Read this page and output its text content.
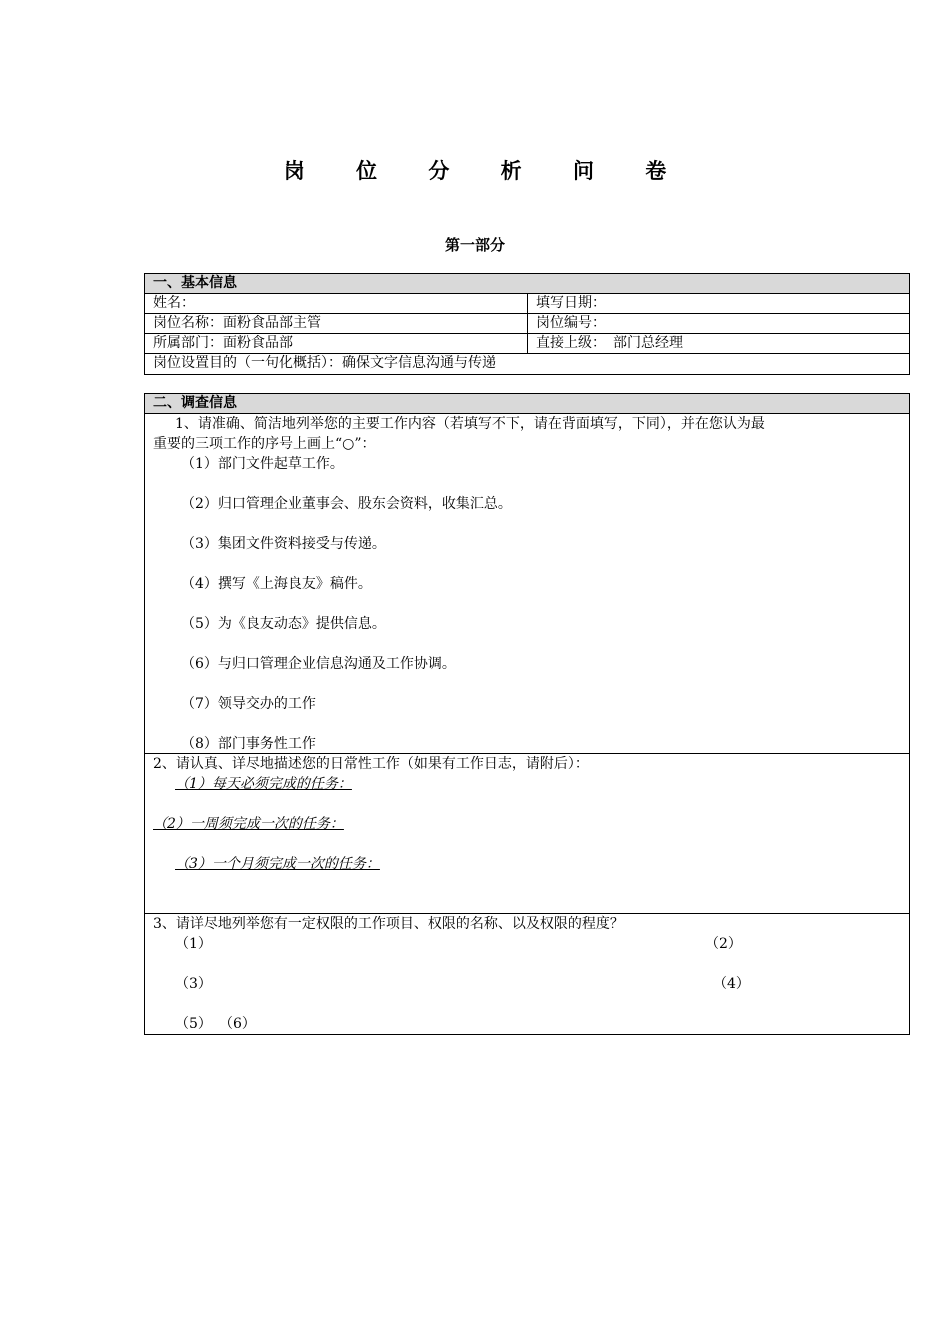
岗 位 分 析 问 卷
第一部分
一、基本信息
姓名：	填写日期：
岗位名称：面粉食品部主管	岗位编号：
所属部门：面粉食品部	直接上级：　部门总经理
岗位设置目的（一句化概括）：确保文字信息沟通与传递
二、调查信息
1、请准确、简洁地列举您的主要工作内容（若填写不下，请在背面填写，下同），并在您认为最
重要的三项工作的序号上画上“○”：
（1）部门文件起草工作。
（2）归口管理企业董事会、股东会资料，收集汇总。
（3）集团文件资料接受与传递。
（4）撰写《上海良友》稿件。
（5）为《良友动态》提供信息。
（6）与归口管理企业信息沟通及工作协调。
（7）领导交办的工作
（8）部门事务性工作
2、请认真、详尽地描述您的日常性工作（如果有工作日志，请附后）：
（1）每天必须完成的任务：
（2）一周须完成一次的任务：
（3）一个月须完成一次的任务：
3、请详尽地列举您有一定权限的工作项目、权限的名称、以及权限的程度？
（1）	（2）
（3）	（4）
（5） （6）
